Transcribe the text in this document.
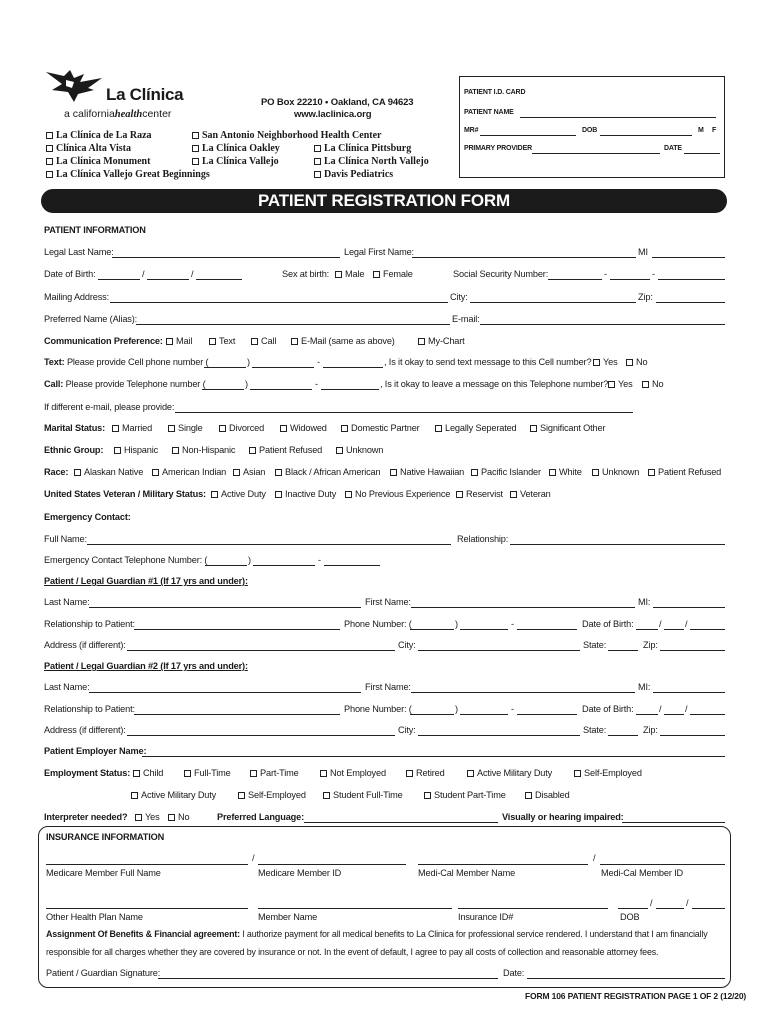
La Clínica
a californiahealthcenter
PO Box 22210 • Oakland, CA 94623
www.laclinica.org
La Clínica de La Raza
Clínica Alta Vista
La Clínica Monument
La Clínica Vallejo Great Beginnings
San Antonio Neighborhood Health Center
La Clínica Oakley
La Clínica Vallejo
La Clínica Pittsburg
La Clínica North Vallejo
Davis Pediatrics
PATIENT I.D. CARD
PATIENT NAME
MR#	DOB	M F
PRIMARY PROVIDER	DATE
PATIENT REGISTRATION FORM
PATIENT INFORMATION
Legal Last Name:	Legal First Name:	MI
Date of Birth:	/	/	Sex at birth:	Male	Female	Social Security Number:	-	-
Mailing Address:	City:	Zip:
Preferred Name (Alias):	E-mail:
Communication Preference:	Mail	Text	Call	E-Mail (same as above)	My-Chart
Text: Please provide Cell phone number (	)	-	, Is it okay to send text message to this Cell number?	Yes	No
Call: Please provide Telephone number (	)	-	, Is it okay to leave a message on this Telephone number?	Yes	No
If different e-mail, please provide:
Marital Status:	Married	Single	Divorced	Widowed	Domestic Partner	Legally Seperated	Significant Other
Ethnic Group:	Hispanic	Non-Hispanic	Patient Refused	Unknown
Race:	Alaskan Native	American Indian	Asian	Black / African American	Native Hawaiian	Pacific Islander	White	Unknown	Patient Refused
United States Veteran / Military Status:	Active Duty	Inactive Duty	No Previous Experience	Reservist	Veteran
Emergency Contact:
Full Name:	Relationship:
Emergency Contact Telephone Number: (	)	-
Patient / Legal Guardian #1 (If 17 yrs and under):
Last Name:	First Name:	MI:
Relationship to Patient:	Phone Number: (	)	-	Date of Birth:	/	/
Address (if different):	City:	State:	Zip:
Patient / Legal Guardian #2 (If 17 yrs and under):
Last Name:	First Name:	MI:
Relationship to Patient:	Phone Number: (	)	-	Date of Birth:	/	/
Address (if different):	City:	State:	Zip:
Patient Employer Name:
Employment Status:	Child	Full-Time	Part-Time	Not Employed	Retired	Active Military Duty	Self-Employed
Active Military Duty	Self-Employed	Student Full-Time	Student Part-Time	Disabled
Interpreter needed?	Yes	No	Preferred Language:	Visually or hearing impaired:
INSURANCE INFORMATION
/	/
Medicare Member Full Name	Medicare Member ID	Medi-Cal Member Name	Medi-Cal Member ID
/	/
Other Health Plan Name	Member Name	Insurance ID#	DOB
Assignment Of Benefits & Financial agreement: I authorize payment for all medical benefits to La Clinica for professional service rendered. I understand that I am financially
responsible for all charges whether they are covered by insurance or not. In the event of default, I agree to pay all costs of collection and reasonable attorney fees.
Patient / Guardian Signature:	Date:
FORM 106 PATIENT REGISTRATION PAGE 1 OF 2 (12/20)
